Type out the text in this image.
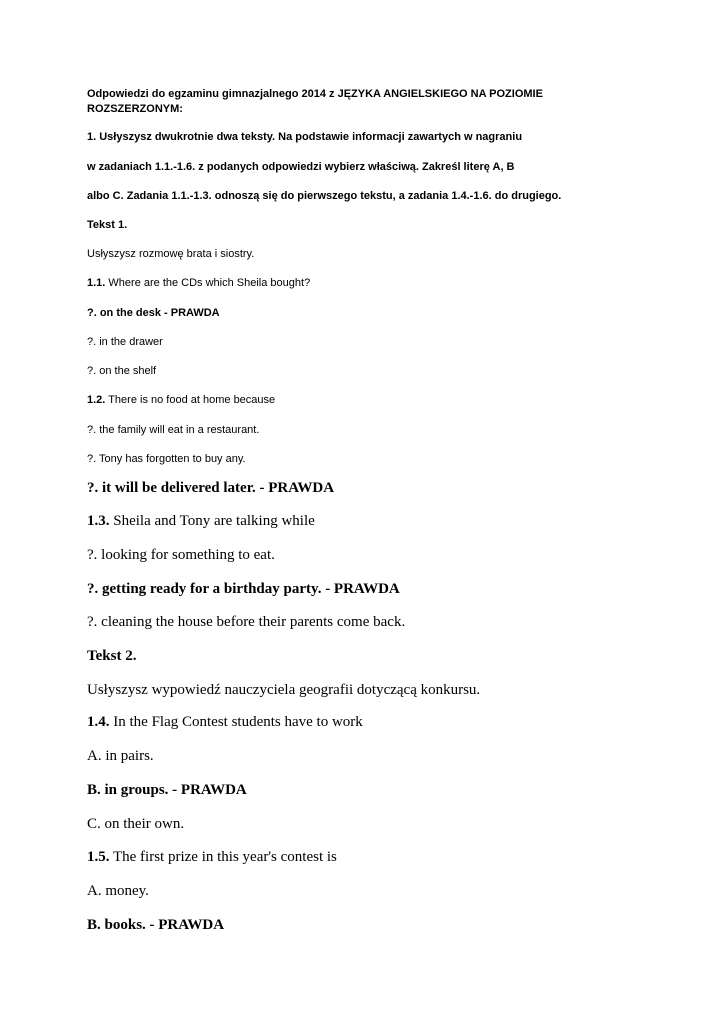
Odpowiedzi do egzaminu gimnazjalnego 2014 z JĘZYKA ANGIELSKIEGO NA POZIOMIE
ROZSZERZONYM:
1. Usłyszysz dwukrotnie dwa teksty. Na podstawie informacji zawartych w nagraniu
w zadaniach 1.1.-1.6. z podanych odpowiedzi wybierz właściwą. Zakreśl literę A, B
albo C. Zadania 1.1.-1.3. odnoszą się do pierwszego tekstu, a zadania 1.4.-1.6. do drugiego.
Tekst 1.
Usłyszysz rozmowę brata i siostry.
1.1. Where are the CDs which Sheila bought?
?. on the desk - PRAWDA
?. in the drawer
?. on the shelf
1.2. There is no food at home because
?. the family will eat in a restaurant.
?. Tony has forgotten to buy any.
?. it will be delivered later. - PRAWDA
1.3. Sheila and Tony are talking while
?. looking for something to eat.
?. getting ready for a birthday party. - PRAWDA
?. cleaning the house before their parents come back.
Tekst 2.
Usłyszysz wypowiedź nauczyciela geografii dotyczącą konkursu.
1.4. In the Flag Contest students have to work
A. in pairs.
B. in groups. - PRAWDA
C. on their own.
1.5. The first prize in this year's contest is
A. money.
B. books. - PRAWDA
